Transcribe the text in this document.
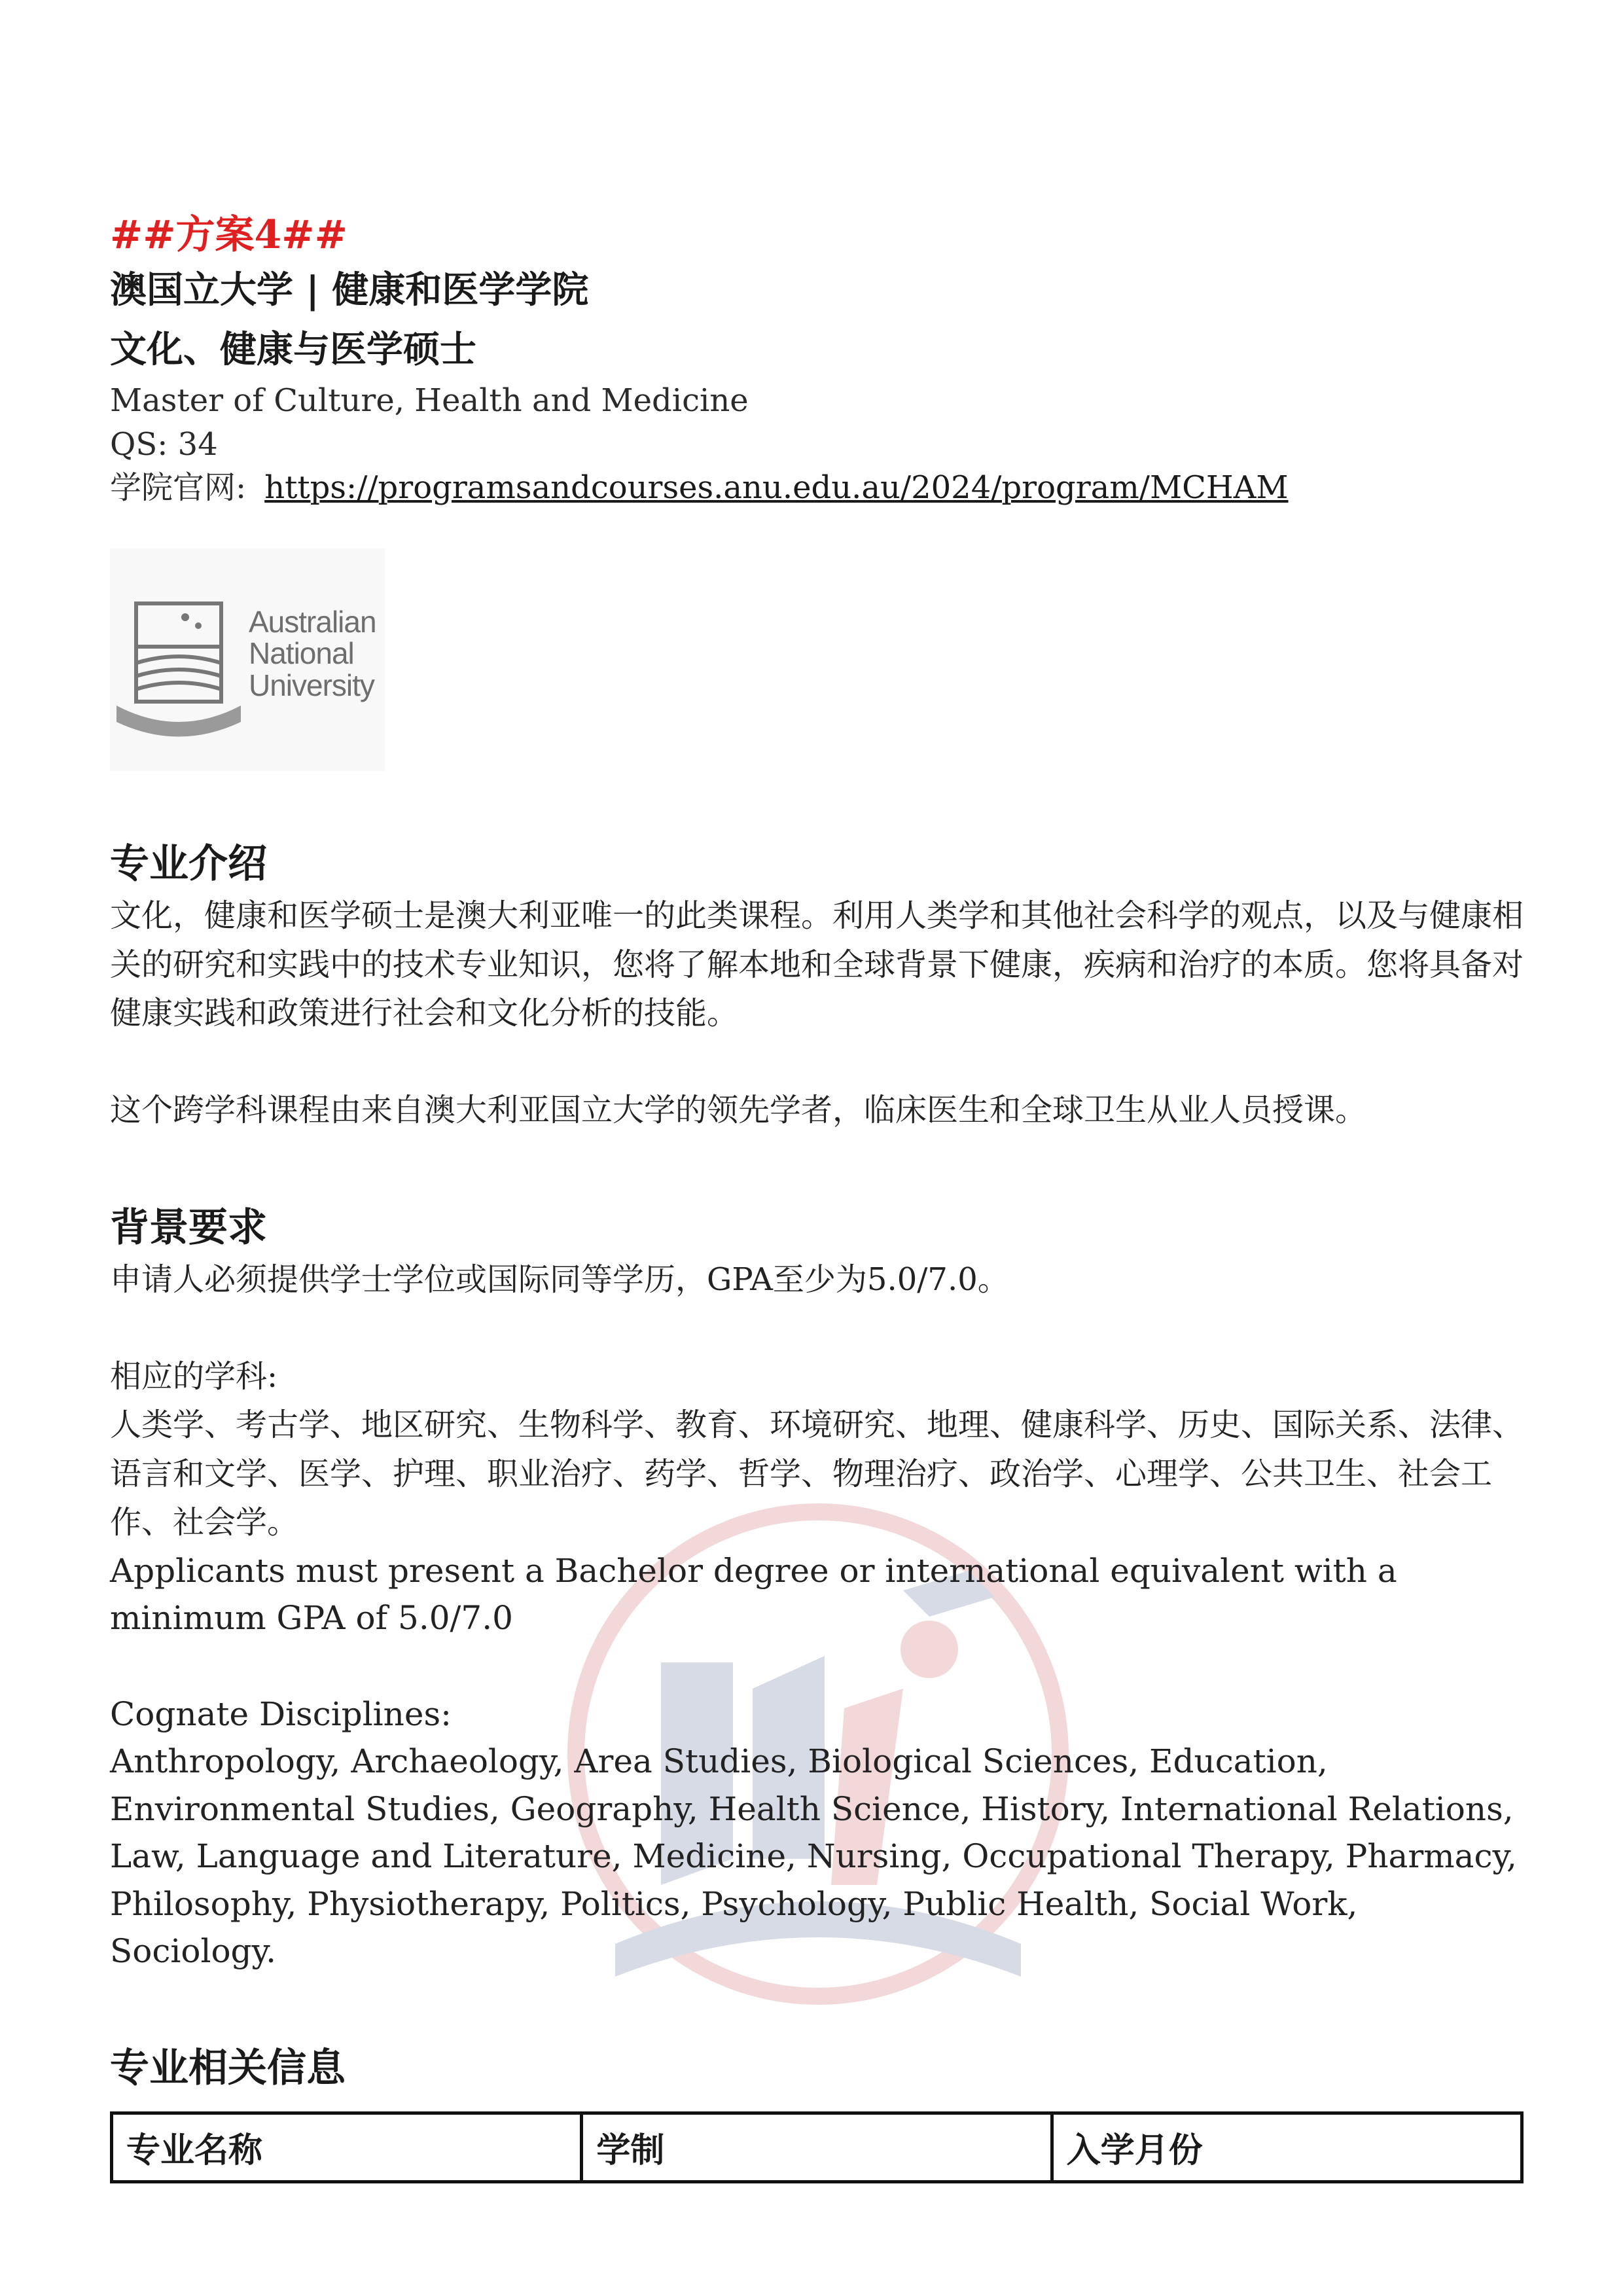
##方案4##
澳国立大学 | 健康和医学学院
文化、健康与医学硕士
Master of Culture, Health and Medicine
QS: 34
学院官网: https://programsandcourses.anu.edu.au/2024/program/MCHAM
Australian
National
University
专业介绍

文化，健康和医学硕士是澳大利亚唯一的此类课程。利用人类学和其他社会科学的观点，以及与健康相关的研究和实践中的技术专业知识，您将了解本地和全球背景下健康，疾病和治疗的本质。您将具备对健康实践和政策进行社会和文化分析的技能。

这个跨学科课程由来自澳大利亚国立大学的领先学者，临床医生和全球卫生从业人员授课。

背景要求

申请人必须提供学士学位或国际同等学历，GPA至少为5.0/7.0。

相应的学科:

人类学、考古学、地区研究、生物科学、教育、环境研究、地理、健康科学、历史、国际关系、法律、语言和文学、医学、护理、职业治疗、药学、哲学、物理治疗、政治学、心理学、公共卫生、社会工作、社会学。

Applicants must present a Bachelor degree or international equivalent with a minimum GPA of 5.0/7.0

Cognate Disciplines:

Anthropology, Archaeology, Area Studies, Biological Sciences, Education, Environmental Studies, Geography, Health Science, History, International Relations, Law, Language and Literature, Medicine, Nursing, Occupational Therapy, Pharmacy, Philosophy, Physiotherapy, Politics, Psychology, Public Health, Social Work, Sociology.

专业相关信息
专业名称	学制	入学月份
